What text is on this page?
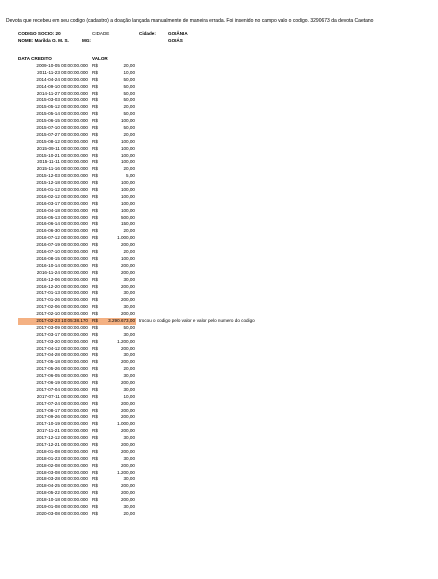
Devota que recebeu em seu codigo (cadastro) a doação lançada manualmente de maneira errada. Foi insenido no campo valo o codigo. 3290673 da devota Caetano
CODIGO SOCIO: 20	CIDADE	Cidade:	GOIÂNIA
NOME: Marilda O. M. S.	MG:	GOIÁS
DATA CREDITO	VALOR
2009-10-05 00:00:00.000 R$	20,00
2011-11-23 00:00:00.000 R$	10,00
2014-04-24 00:00:00.000 R$	50,00
2014-09-10 00:00:00.000 R$	50,00
2014-11-27 00:00:00.000 R$	50,00
2015-03-03 00:00:00.000 R$	50,00
2015-05-12 00:00:00.000 R$	20,00
2015-05-14 00:00:00.000 R$	50,00
2015-06-15 00:00:00.000 R$	100,00
2015-07-10 00:00:00.000 R$	50,00
2015-07-27 00:00:00.000 R$	20,00
2015-08-12 00:00:00.000 R$	100,00
2015-09-11 00:00:00.000 R$	100,00
2015-10-21 00:00:00.000 R$	100,00
2015-11-11 00:00:00.000 R$	100,00
2015-11-16 00:00:00.000 R$	20,00
2015-12-03 00:00:00.000 R$	5,00
2015-12-18 00:00:00.000 R$	100,00
2016-01-12 00:00:00.000 R$	100,00
2016-02-12 00:00:00.000 R$	100,00
2016-03-17 00:00:00.000 R$	100,00
2016-04-18 00:00:00.000 R$	100,00
2016-05-13 00:00:00.000 R$	500,00
2016-06-14 00:00:00.000 R$	150,00
2016-06-30 00:00:00.000 R$	20,00
2016-07-12 00:00:00.000 R$	1.000,00
2016-07-19 00:00:00.000 R$	200,00
2016-07-10 00:00:00.000 R$	20,00
2016-08-15 00:00:00.000 R$	100,00
2016-10-14 00:00:00.000 R$	200,00
2016-11-24 00:00:00.000 R$	200,00
2016-12-06 00:00:00.000 R$	30,00
2016-12-20 00:00:00.000 R$	200,00
2017-01-13 00:00:00.000 R$	30,00
2017-01-26 00:00:00.000 R$	200,00
2017-02-06 00:00:00.000 R$	30,00
2017-02-10 00:00:00.000 R$	200,00
2017-02-23 10:05:38.170 R$	3.290.673,00 trocou o codigo pelo valor e valor pelo numero do codigo
2017-03-09 00:00:00.000 R$	50,00
2017-03-17 00:00:00.000 R$	30,00
2017-03-20 00:00:00.000 R$	1.200,00
2017-04-12 00:00:00.000 R$	200,00
2017-04-28 00:00:00.000 R$	30,00
2017-05-18 00:00:00.000 R$	200,00
2017-05-26 00:00:00.000 R$	20,00
2017-06-05 00:00:00.000 R$	30,00
2017-06-19 00:00:00.000 R$	200,00
2017-07-04 00:00:00.000 R$	30,00
2017-07-11 00:00:00.000 R$	10,00
2017-07-24 00:00:00.000 R$	200,00
2017-08-17 00:00:00.000 R$	200,00
2017-09-26 00:00:00.000 R$	200,00
2017-10-19 00:00:00.000 R$	1.000,00
2017-11-21 00:00:00.000 R$	200,00
2017-12-12 00:00:00.000 R$	30,00
2017-12-21 00:00:00.000 R$	200,00
2018-01-08 00:00:00.000 R$	200,00
2018-01-23 00:00:00.000 R$	30,00
2018-02-08 00:00:00.000 R$	200,00
2018-03-08 00:00:00.000 R$	1.200,00
2018-03-28 00:00:00.000 R$	30,00
2018-04-25 00:00:00.000 R$	200,00
2018-05-22 00:00:00.000 R$	200,00
2018-10-18 00:00:00.000 R$	200,00
2019-01-08 00:00:00.000 R$	30,00
2020-03-08 00:00:00.000 R$	20,00
